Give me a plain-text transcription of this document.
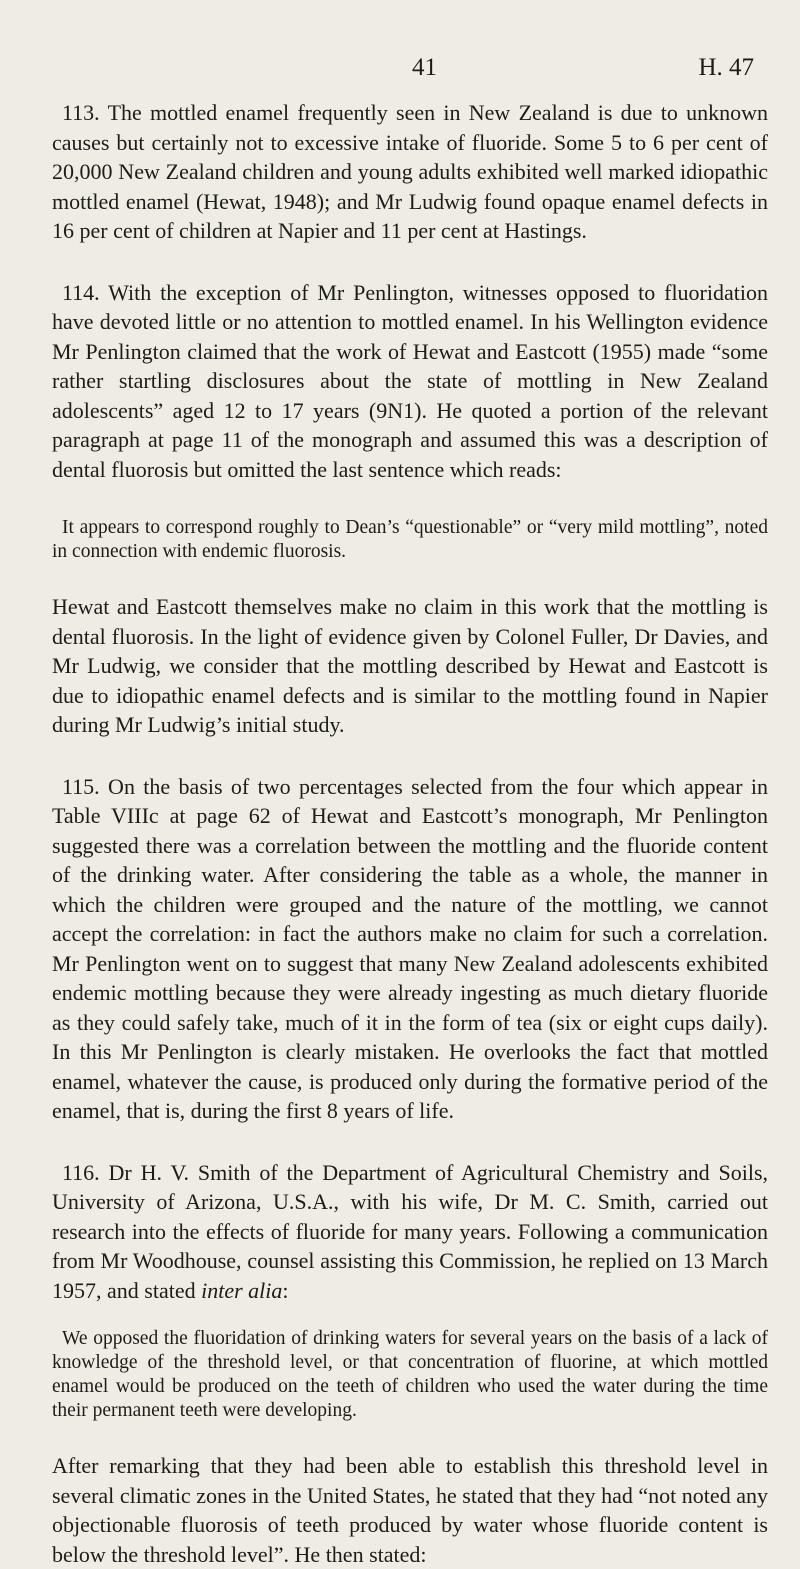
41	H. 47

113. The mottled enamel frequently seen in New Zealand is due to unknown causes but certainly not to excessive intake of fluoride. Some 5 to 6 per cent of 20,000 New Zealand children and young adults exhibited well marked idiopathic mottled enamel (Hewat, 1948); and Mr Ludwig found opaque enamel defects in 16 per cent of children at Napier and 11 per cent at Hastings.

114. With the exception of Mr Penlington, witnesses opposed to fluoridation have devoted little or no attention to mottled enamel. In his Wellington evidence Mr Penlington claimed that the work of Hewat and Eastcott (1955) made “some rather startling disclosures about the state of mottling in New Zealand adolescents” aged 12 to 17 years (9N1). He quoted a portion of the relevant paragraph at page 11 of the monograph and assumed this was a description of dental fluorosis but omitted the last sentence which reads:

It appears to correspond roughly to Dean’s “questionable” or “very mild mottling”, noted in connection with endemic fluorosis.

Hewat and Eastcott themselves make no claim in this work that the mottling is dental fluorosis. In the light of evidence given by Colonel Fuller, Dr Davies, and Mr Ludwig, we consider that the mottling described by Hewat and Eastcott is due to idiopathic enamel defects and is similar to the mottling found in Napier during Mr Ludwig’s initial study.

115. On the basis of two percentages selected from the four which appear in Table VIIIc at page 62 of Hewat and Eastcott’s monograph, Mr Penlington suggested there was a correlation between the mottling and the fluoride content of the drinking water. After considering the table as a whole, the manner in which the children were grouped and the nature of the mottling, we cannot accept the correlation: in fact the authors make no claim for such a correlation. Mr Penlington went on to suggest that many New Zealand adolescents exhibited endemic mottling because they were already ingesting as much dietary fluoride as they could safely take, much of it in the form of tea (six or eight cups daily). In this Mr Penlington is clearly mistaken. He overlooks the fact that mottled enamel, whatever the cause, is produced only during the formative period of the enamel, that is, during the first 8 years of life.

116. Dr H. V. Smith of the Department of Agricultural Chemistry and Soils, University of Arizona, U.S.A., with his wife, Dr M. C. Smith, carried out research into the effects of fluoride for many years. Following a communication from Mr Woodhouse, counsel assisting this Commission, he replied on 13 March 1957, and stated inter alia:

We opposed the fluoridation of drinking waters for several years on the basis of a lack of knowledge of the threshold level, or that concentration of fluorine, at which mottled enamel would be produced on the teeth of children who used the water during the time their permanent teeth were developing.

After remarking that they had been able to establish this threshold level in several climatic zones in the United States, he stated that they had “not noted any objectionable fluorosis of teeth produced by water whose fluoride content is below the threshold level”. He then stated:
